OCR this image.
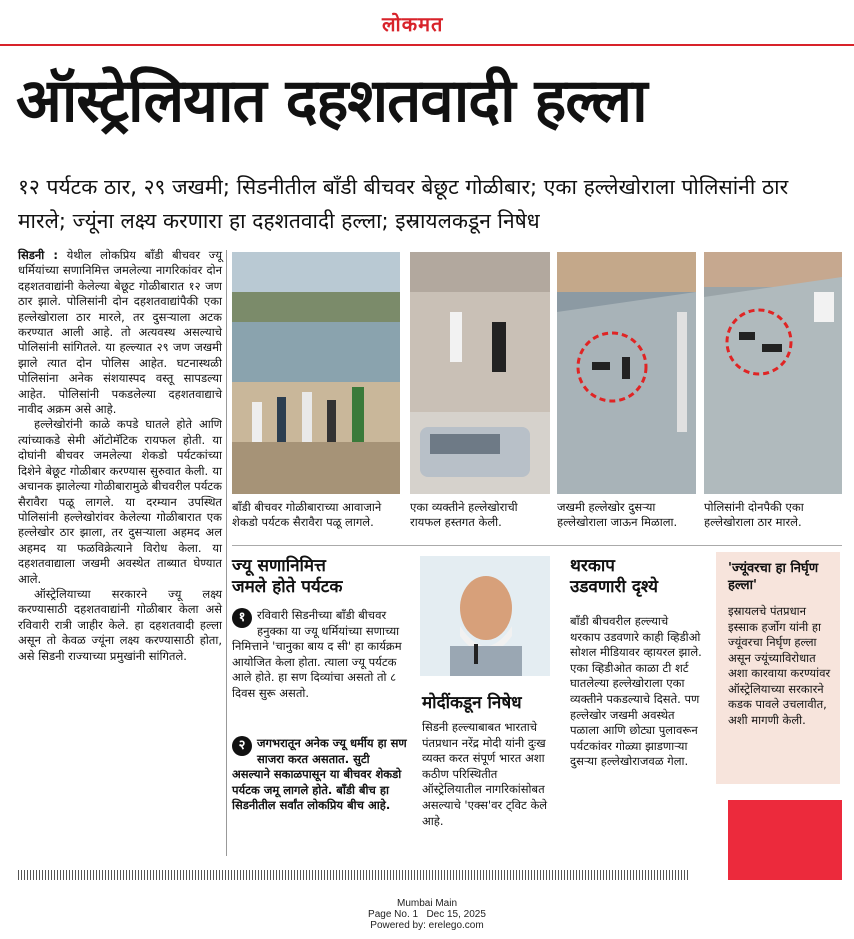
लोकमत
ऑस्ट्रेलियात दहशतवादी हल्ला
१२ पर्यटक ठार, २९ जखमी; सिडनीतील बाँडी बीचवर बेछूट गोळीबार; एका हल्लेखोराला पोलिसांनी ठार मारले; ज्यूंना लक्ष्य करणारा हा दहशतवादी हल्ला; इस्रायलकडून निषेध

सिडनी : येथील लोकप्रिय बाँडी बीचवर ज्यू धर्मियांच्या सणानिमित्त जमलेल्या नागरिकांवर दोन दहशतवाद्यांनी केलेल्या बेछूट गोळीबारात १२ जण ठार झाले. पोलिसांनी दोन दहशतवाद्यांपैकी एका हल्लेखोराला ठार मारले, तर दुसऱ्याला अटक करण्यात आली आहे. तो अत्यवस्थ असल्याचे पोलिसांनी सांगितले. या हल्ल्यात २९ जण जखमी झाले त्यात दोन पोलिस आहेत. घटनास्थळी पोलिसांना अनेक संशयास्पद वस्तू सापडल्या आहेत. पोलिसांनी पकडलेल्या दहशतवाद्याचे नावीद अक्रम असे आहे.

हल्लेखोरांनी काळे कपडे घातले होते आणि त्यांच्याकडे सेमी ऑटोमॅटिक रायफल होती. या दोघांनी बीचवर जमलेल्या शेकडो पर्यटकांच्या दिशेने बेछूट गोळीबार करण्यास सुरुवात केली. या अचानक झालेल्या गोळीबारामुळे बीचवरील पर्यटक सैरावैरा पळू लागले. या दरम्यान उपस्थित पोलिसांनी हल्लेखोरांवर केलेल्या गोळीबारात एक हल्लेखोर ठार झाला, तर दुसऱ्याला अहमद अल अहमद या फळविक्रेत्याने विरोध केला. या दहशतवाद्याला जखमी अवस्थेत ताब्यात घेण्यात आले.

ऑस्ट्रेलियाच्या सरकारने ज्यू लक्ष्य करण्यासाठी दहशतवाद्यांनी गोळीबार केला असे रविवारी रात्री जाहीर केले. हा दहशतवादी हल्ला असून तो केवळ ज्यूंना लक्ष्य करण्यासाठी होता, असे सिडनी राज्याच्या प्रमुखांनी सांगितले.

बाँडी बीचवर गोळीबाराच्या आवाजाने शेकडो पर्यटक सैरावैरा पळू लागले.
एका व्यक्तीने हल्लेखोराची रायफल हस्तगत केली.
जखमी हल्लेखोर दुसऱ्या हल्लेखोराला जाऊन मिळाला.
पोलिसांनी दोनपैकी एका हल्लेखोराला ठार मारले.
ज्यू सणानिमित्त
जमले होते पर्यटक
१	रविवारी सिडनीच्या बाँडी बीचवर हनुक्का या ज्यू धर्मियांच्या सणाच्या निमित्ताने 'चानुका बाय द सी' हा कार्यक्रम आयोजित केला होता. त्याला ज्यू पर्यटक आले होते. हा सण दिव्यांचा असतो तो ८ दिवस सुरू असतो.
२	जगभरातून अनेक ज्यू धर्मीय हा सण साजरा करत असतात. सुटी असल्याने सकाळपासून या बीचवर शेकडो पर्यटक जमू लागले होते. बाँडी बीच हा सिडनीतील सर्वांत लोकप्रिय बीच आहे.
मोदींकडून निषेध
सिडनी हल्ल्याबाबत भारताचे पंतप्रधान नरेंद्र मोदी यांनी दुःख व्यक्त करत संपूर्ण भारत अशा कठीण परिस्थितीत ऑस्ट्रेलियातील नागरिकांसोबत असल्याचे 'एक्स'वर ट्विट केले आहे.
थरकाप
उडवणारी दृश्ये
बाँडी बीचवरील हल्ल्याचे थरकाप उडवणारे काही व्हिडीओ सोशल मीडियावर व्हायरल झाले. एका व्हिडीओत काळा टी शर्ट घातलेल्या हल्लेखोराला एका व्यक्तीने पकडल्याचे दिसते. पण हल्लेखोर जखमी अवस्थेत पळाला आणि छोट्या पुलावरून पर्यटकांवर गोळ्या झाडणाऱ्या दुसऱ्या हल्लेखोराजवळ गेला.
'ज्यूंवरचा हा निर्घृण हल्ला'
इस्रायलचे पंतप्रधान इस्साक हर्जोग यांनी हा ज्यूंवरचा निर्घृण हल्ला असून ज्यूंच्याविरोधात अशा कारवाया करण्यांवर ऑस्ट्रेलियाच्या सरकारने कडक पावले उचलावीत, अशी मागणी केली.
Mumbai Main
Page No. 1 Dec 15, 2025
Powered by: erelego.com
